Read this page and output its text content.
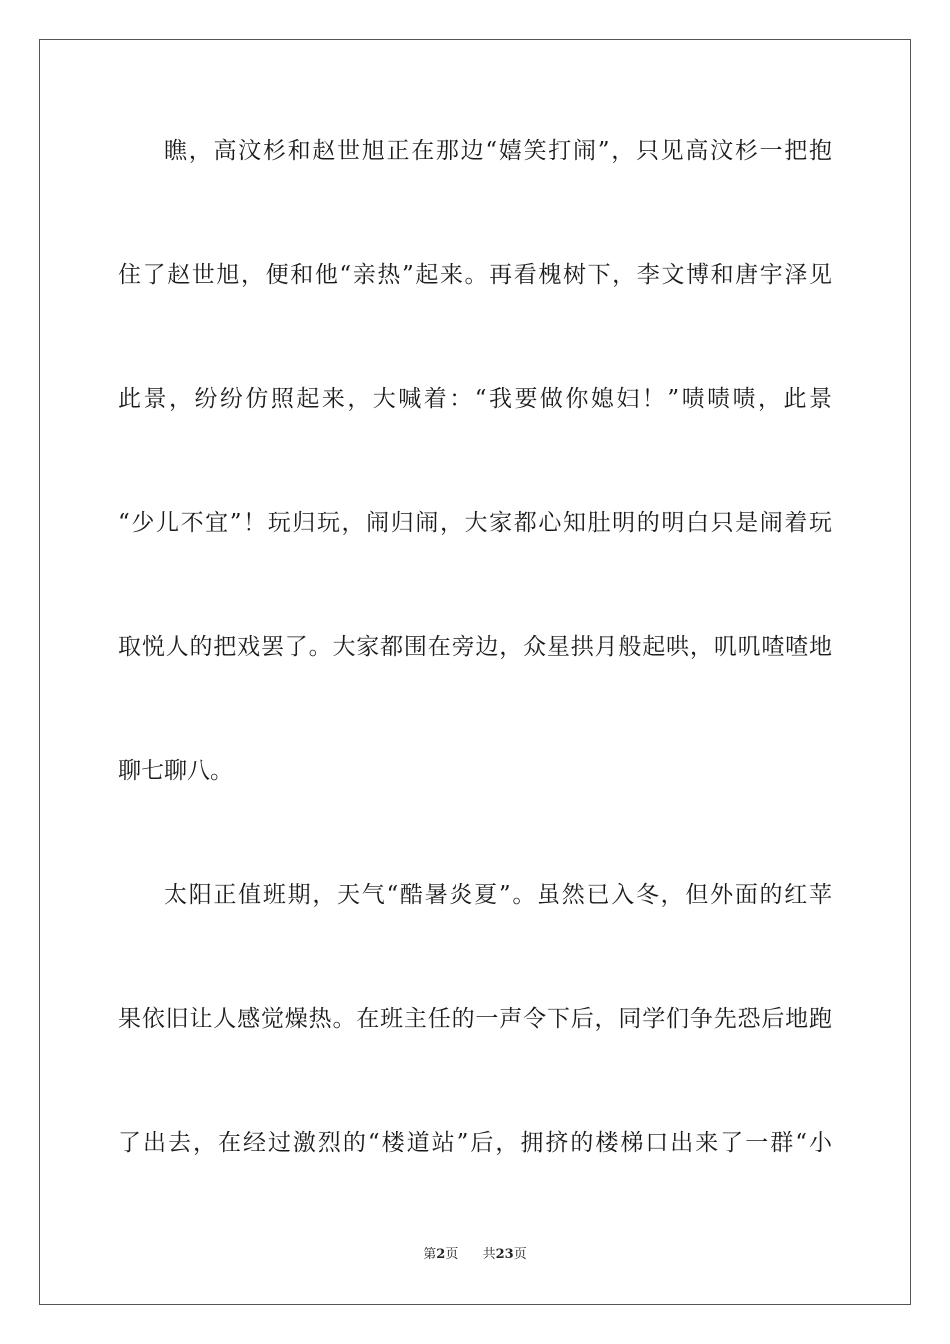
瞧，高汶杉和赵世旭正在那边“嬉笑打闹”，只见高汶杉一把抱
住了赵世旭，便和他“亲热”起来。再看槐树下，李文博和唐宇泽见
此景，纷纷仿照起来，大喊着：“我要做你媳妇！”啧啧啧，此景
“少儿不宜”！玩归玩，闹归闹，大家都心知肚明的明白只是闹着玩
取悦人的把戏罢了。大家都围在旁边，众星拱月般起哄，叽叽喳喳地
聊七聊八。
太阳正值班期，天气“酷暑炎夏”。虽然已入冬，但外面的红苹
果依旧让人感觉燥热。在班主任的一声令下后，同学们争先恐后地跑
了出去，在经过激烈的“楼道站”后，拥挤的楼梯口出来了一群“小
第2页 共23页
